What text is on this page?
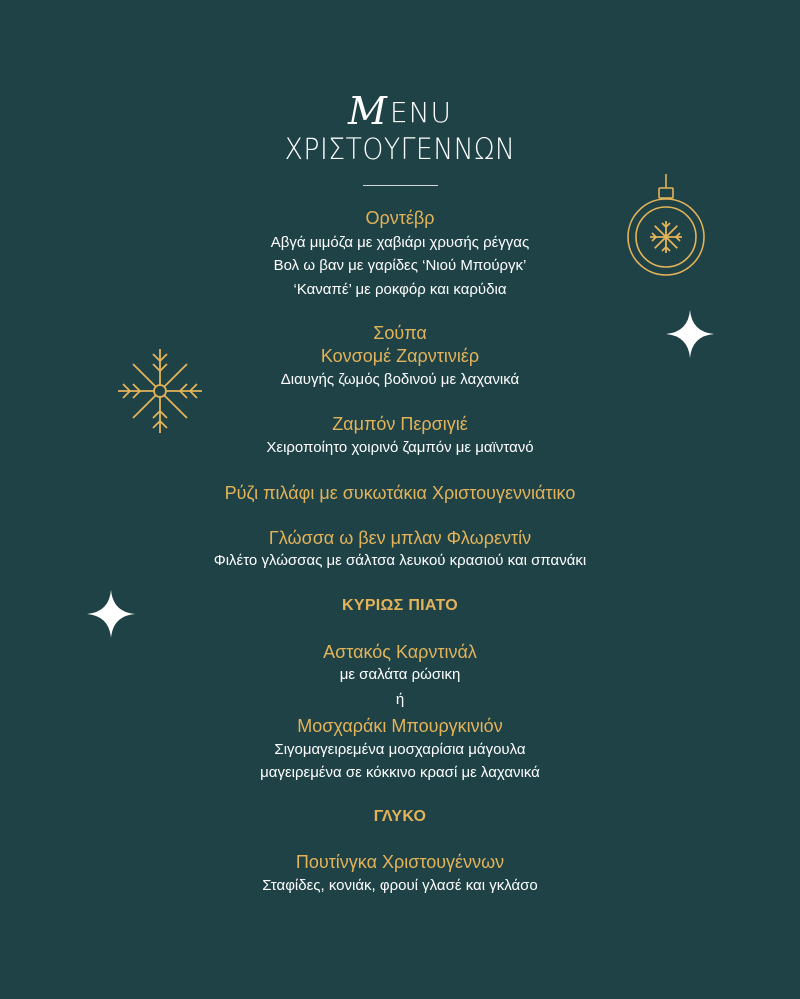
MENU
ΧΡΙΣΤΟΥΓΕΝΝΩΝ
Ορντέβρ
Αβγά μιμόζα με χαβιάρι χρυσής ρέγγας
Βολ ω βαν με γαρίδες ‘Νιού Μπούργκ’
‘Καναπέ’ με ροκφόρ και καρύδια
Σούπα
Κονσομέ Ζαρντινιέρ
Διαυγής ζωμός βοδινού με λαχανικά
Ζαμπόν Περσιγιέ
Χειροποίητο χοιρινό ζαμπόν με μαϊντανό
Ρύζι πιλάφι με συκωτάκια Χριστουγεννιάτικο
Γλώσσα ω βεν μπλαν Φλωρεντίν
Φιλέτο γλώσσας με σάλτσα λευκού κρασιού και σπανάκι
ΚΥΡΙΩΣ ΠΙΑΤΟ
Αστακός Καρντινάλ
με σαλάτα ρώσικη
ή
Μοσχαράκι Μπουργκινιόν
Σιγομαγειρεμένα μοσχαρίσια μάγουλα
μαγειρεμένα σε κόκκινο κρασί με λαχανικά
ΓΛΥΚΟ
Πουτίνγκα Χριστουγέννων
Σταφίδες, κονιάκ, φρουί γλασέ και γκλάσο
